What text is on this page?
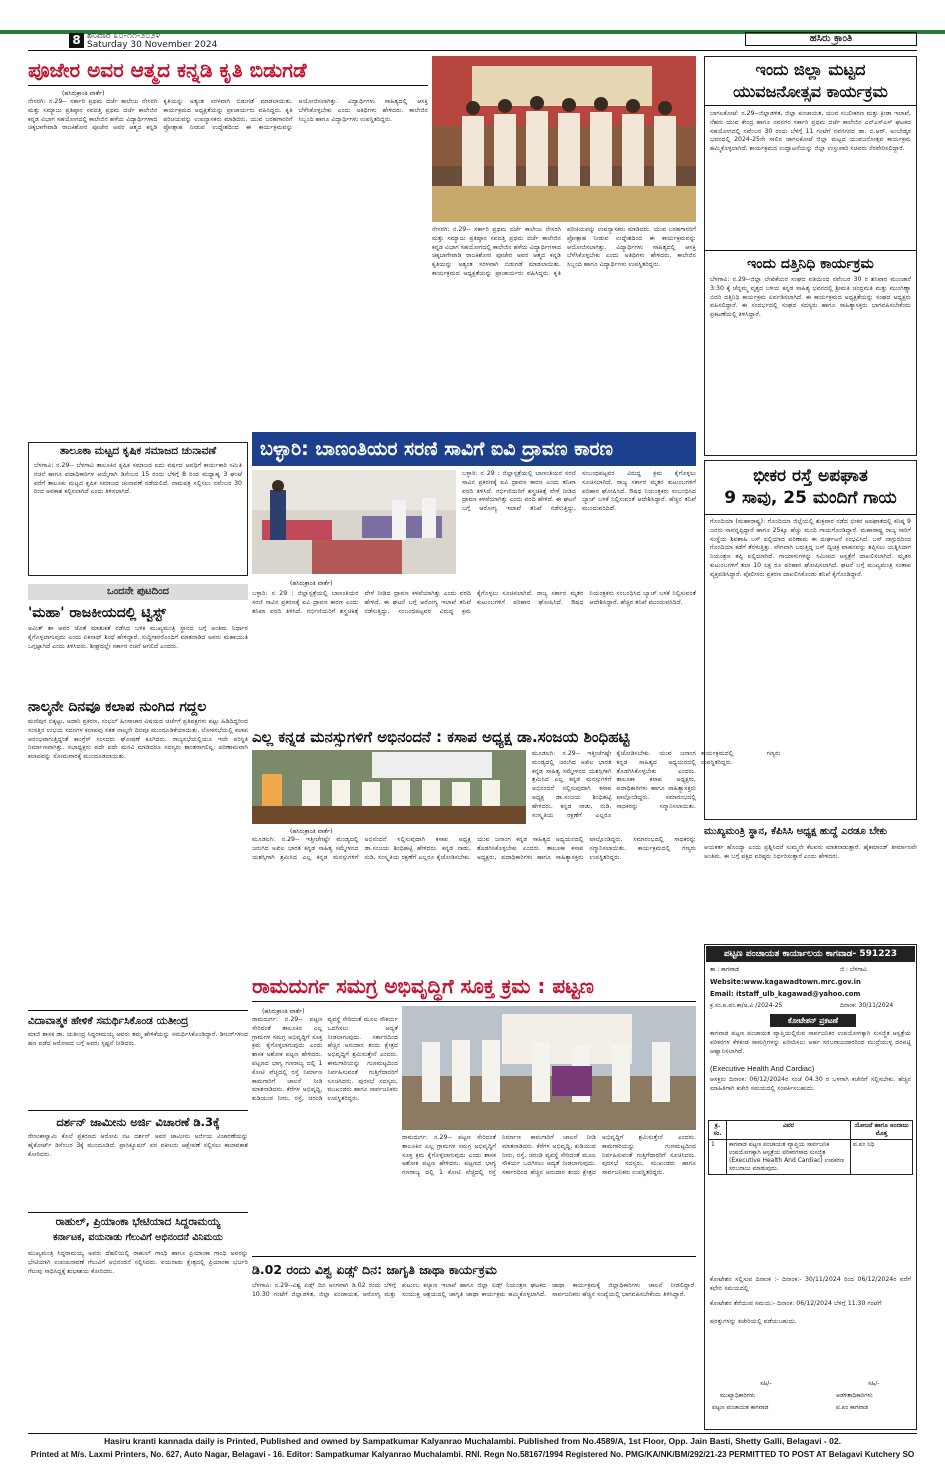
8 ಶನಿವಾರ ೩೦-೧೧-೨೦೨೪
Saturday 30 November 2024
ಹಸಿರು ಕ್ರಾಂತಿ
ಪೂಜೇರ ಅವರ ಆತ್ಮದ ಕನ್ನಡಿ ಕೃತಿ ಬಿಡುಗಡೆ
(ಹಸಿರುಕ್ರಾಂತಿ ವಾರ್ತೆ)
ನೇಸರಗಿ: ನ.29-- ಸರ್ಕಾರಿ ಪ್ರಥಮ ದರ್ಜೆ ಕಾಲೇಜು ನೇಸರಗಿ ಮತ್ತು ಸಮ್ಯಾಜು ಪ್ರತಿಷ್ಠಾನ ಸವದತ್ತಿ ಪ್ರಥಮ ದರ್ಜೆ ಕಾಲೇಜಿನ ಕನ್ನಡ ವಿಭಾಗ ಸಹಯೋಗದಲ್ಲಿ ಕಾಲೇಜಿನ ಹಳೆಯ ವಿದ್ಯಾರ್ಥಿಗಳಾದ ಚಿಕ್ಕಬಾಗೇವಾಡಿ ರಾಜಕಿಶೋರ ಪೂಜೇರ ಅವರ ಆತ್ಮದ ಕನ್ನಡಿ ಕೃತಿಯನ್ನು ಅತ್ಯಂತ ಸರಳವಾಗಿ ಬಿಡುಗಡೆ ಮಾಡಲಾಯಿತು. ಕಾರ್ಯಕ್ರಮದ ಅಧ್ಯಕ್ಷತೆಯನ್ನು ಪ್ರಾಚಾರ್ಯರು ವಹಿಸಿದ್ದರು. ಕೃತಿ ಪರಿಚಯವನ್ನು ಉಪನ್ಯಾಸಕರು ಮಾಡಿದರು. ಯುವ ಬರಹಗಾರರಿಗೆ ಪ್ರೋತ್ಸಾಹ ನೀಡುವ ಉದ್ದೇಶದಿಂದ ಈ ಕಾರ್ಯಕ್ರಮವನ್ನು ಆಯೋಜಿಸಲಾಗಿತ್ತು. ವಿದ್ಯಾರ್ಥಿಗಳು ಸಾಹಿತ್ಯದಲ್ಲಿ ಆಸಕ್ತಿ ಬೆಳೆಸಿಕೊಳ್ಳಬೇಕು ಎಂದು ಅತಿಥಿಗಳು ಹೇಳಿದರು. ಕಾಲೇಜಿನ ಸಿಬ್ಬಂದಿ ಹಾಗೂ ವಿದ್ಯಾರ್ಥಿಗಳು ಉಪಸ್ಥಿತರಿದ್ದರು.
ನೇಸರಗಿ: ನ.29-- ಸರ್ಕಾರಿ ಪ್ರಥಮ ದರ್ಜೆ ಕಾಲೇಜು ನೇಸರಗಿ ಮತ್ತು ಸಮ್ಯಾಜು ಪ್ರತಿಷ್ಠಾನ ಸವದತ್ತಿ ಪ್ರಥಮ ದರ್ಜೆ ಕಾಲೇಜಿನ ಕನ್ನಡ ವಿಭಾಗ ಸಹಯೋಗದಲ್ಲಿ ಕಾಲೇಜಿನ ಹಳೆಯ ವಿದ್ಯಾರ್ಥಿಗಳಾದ ಚಿಕ್ಕಬಾಗೇವಾಡಿ ರಾಜಕಿಶೋರ ಪೂಜೇರ ಅವರ ಆತ್ಮದ ಕನ್ನಡಿ ಕೃತಿಯನ್ನು ಅತ್ಯಂತ ಸರಳವಾಗಿ ಬಿಡುಗಡೆ ಮಾಡಲಾಯಿತು. ಕಾರ್ಯಕ್ರಮದ ಅಧ್ಯಕ್ಷತೆಯನ್ನು ಪ್ರಾಚಾರ್ಯರು ವಹಿಸಿದ್ದರು. ಕೃತಿ ಪರಿಚಯವನ್ನು ಉಪನ್ಯಾಸಕರು ಮಾಡಿದರು. ಯುವ ಬರಹಗಾರರಿಗೆ ಪ್ರೋತ್ಸಾಹ ನೀಡುವ ಉದ್ದೇಶದಿಂದ ಈ ಕಾರ್ಯಕ್ರಮವನ್ನು ಆಯೋಜಿಸಲಾಗಿತ್ತು. ವಿದ್ಯಾರ್ಥಿಗಳು ಸಾಹಿತ್ಯದಲ್ಲಿ ಆಸಕ್ತಿ ಬೆಳೆಸಿಕೊಳ್ಳಬೇಕು ಎಂದು ಅತಿಥಿಗಳು ಹೇಳಿದರು. ಕಾಲೇಜಿನ ಸಿಬ್ಬಂದಿ ಹಾಗೂ ವಿದ್ಯಾರ್ಥಿಗಳು ಉಪಸ್ಥಿತರಿದ್ದರು.
ಇಂದು ಜಿಲ್ಲಾ ಮಟ್ಟದ
ಯುವಜನೋತ್ಸವ ಕಾರ್ಯಕ್ರಮ
ಬಾಗಲಕೋಟೆ: ನ.29--ಜಿಲ್ಲಾಡಳಿತ, ಜಿಲ್ಲಾ ಪಂಚಾಯತ, ಯುವ ಸಬಲೀಕರಣ ಮತ್ತು ಕ್ರೀಡಾ ಇಲಾಖೆ, ನೆಹರು ಯುವ ಕೇಂದ್ರ ಹಾಗೂ ನವನಗರ ಸರ್ಕಾರಿ ಪ್ರಥಮ ದರ್ಜೆ ಕಾಲೇಜಿನ ಎನ್ಎಸ್ಎಸ್ ಘಟಕದ ಸಹಯೋಗದಲ್ಲಿ ನವೆಂಬರ 30 ರಂದು ಬೆಳಿಗ್ಗೆ 11 ಗಂಟೆಗೆ ನವನಗರದ ಡಾ. ಬಿ.ಆರ್. ಅಂಬೇಡ್ಕರ ಭವನದಲ್ಲಿ 2024-25ನೇ ಸಾಲಿನ ಜಾಗಲಕೋಟೆ ಜಿಲ್ಲಾ ಮಟ್ಟದ ಯುವಜನೋತ್ಸವ ಕಾರ್ಯಕ್ರಮ ಹಮ್ಮಿಕೊಳ್ಳಲಾಗಿದೆ. ಕಾರ್ಯಕ್ರಮದ ಉದ್ಘಾಟನೆಯನ್ನು ಜಿಲ್ಲಾ ಉಸ್ತುವಾರಿ ಸಚಿವರು ನೆರವೇರಿಸಲಿದ್ದಾರೆ.
ಇಂದು ದತ್ತಿನಿಧಿ ಕಾರ್ಯಕ್ರಮ
ಬೆಳಗಾವಿ: ನ.29--ಜಿಲ್ಲಾ ಲೇಖಿಕೆಯರ ಸಂಘದ ವತಿಯಿಂದ ನವೆಂಬರ 30 ರ ಶನಿವಾರ ಮುಂಜಾನೆ 3:30 ಕ್ಕೆ ಚೆನ್ನಮ್ಮ ವೃತ್ತದ ಬಳಿಯ ಕನ್ನಡ ಸಾಹಿತ್ಯ ಭವನದಲ್ಲಿ ಶ್ರೀಮತಿ ಚಂದ್ರಮತಿ ಮತ್ತು ಮುಂಗಿಣ್ಣಾ ಬಿದರಿ ದತ್ತಿನಿಧಿ ಕಾರ್ಯಕ್ರಮ ಏರ್ಪಡಿಸಲಾಗಿದೆ. ಈ ಕಾರ್ಯಕ್ರಮದ ಅಧ್ಯಕ್ಷತೆಯನ್ನು ಸಂಘದ ಅಧ್ಯಕ್ಷರು ವಹಿಸಲಿದ್ದಾರೆ. ಈ ಸಂದರ್ಭದಲ್ಲಿ ಸಂಘದ ಸದಸ್ಯರು ಹಾಗೂ ಸಾಹಿತ್ಯಾಸಕ್ತರು ಭಾಗವಹಿಸಬೇಕೆಂದು ಪ್ರಕಟಣೆಯಲ್ಲಿ ತಿಳಿಸಿದ್ದಾರೆ.
ತಾಲೂಕಾ ಮಟ್ಟದ ಕೃಷಿಕ ಸಮಾಜದ ಚುನಾವಣೆ
ಬೆಳಗಾವಿ: ನ.29-- ಬೆಳಗಾವಿ ತಾಲೂಕಿನ ಕೃಷಿಕ ಸಮಾಜದ ಐದು ವರ್ಷದ ಅವಧಿಗೆ ಕಾರ್ಯಕಾರಿ ಸಮಿತಿ ರಚನೆ ಹಾಗೂ ಪದಾಧಿಕಾರಿಗಳ ಆಯ್ಕೆಗಾಗಿ ಡಿಸೆಂಬರ 15 ರಂದು ಬೆಳಿಗ್ಗೆ 8 ರಿಂದ ಮಧ್ಯಾಹ್ನ 3 ಘಂಟೆ ವರೆಗೆ ತಾಲೂಕು ಮಟ್ಟದ ಕೃಷಿಕ ಸಮಾಜದ ಚುನಾವಣೆ ನಡೆಯಲಿದೆ. ನಾಮಪತ್ರ ಸಲ್ಲಿಸಲು ನವೆಂಬರ 30 ರಿಂದ ಅವಕಾಶ ಕಲ್ಪಿಸಲಾಗಿದೆ ಎಂದು ತಿಳಿಸಲಾಗಿದೆ.
ಬಳ್ಳಾರಿ: ಬಾಣಂತಿಯರ ಸರಣಿ ಸಾವಿಗೆ ಐವಿ ದ್ರಾವಣ ಕಾರಣ
ಬಳ್ಳಾರಿ: ನ 29 : ಜಿಲ್ಲಾಸ್ಪತ್ರೆಯಲ್ಲಿ ಬಾಣಂತಿಯರ ಸರಣಿ ಸಾವಿನ ಪ್ರಕರಣಕ್ಕೆ ಐವಿ ದ್ರಾವಣ ಕಾರಣ ಎಂದು ತನಿಖಾ ವರದಿ ತಿಳಿಸಿದೆ. ಗರ್ಭಿಣಿಯರಿಗೆ ಶಸ್ತ್ರಚಿಕಿತ್ಸೆ ವೇಳೆ ನೀಡಿದ ದ್ರಾವಣ ಕಳಪೆಯಾಗಿತ್ತು ಎಂದು ವರದಿ ಹೇಳಿದೆ. ಈ ಘಟನೆ ಬಗ್ಗೆ ಆರೋಗ್ಯ ಇಲಾಖೆ ತನಿಖೆ ನಡೆಸುತ್ತಿದ್ದು, ಸಂಬಂಧಪಟ್ಟವರ ವಿರುದ್ಧ ಕ್ರಮ ಕೈಗೊಳ್ಳಲು ಸೂಚಿಸಲಾಗಿದೆ. ರಾಜ್ಯ ಸರ್ಕಾರ ಮೃತರ ಕುಟುಂಬಗಳಿಗೆ ಪರಿಹಾರ ಘೋಷಿಸಿದೆ. ಔಷಧ ನಿಯಂತ್ರಕರು ಸಂಬಂಧಿಸಿದ ಬ್ಯಾಚ್ ಬಳಕೆ ನಿಲ್ಲಿಸುವಂತೆ ಆದೇಶಿಸಿದ್ದಾರೆ. ಹೆಚ್ಚಿನ ತನಿಖೆ ಮುಂದುವರಿದಿದೆ.
(ಹಸಿರುಕ್ರಾಂತಿ ವಾರ್ತೆ)
ಬಳ್ಳಾರಿ: ನ 29 : ಜಿಲ್ಲಾಸ್ಪತ್ರೆಯಲ್ಲಿ ಬಾಣಂತಿಯರ ಸರಣಿ ಸಾವಿನ ಪ್ರಕರಣಕ್ಕೆ ಐವಿ ದ್ರಾವಣ ಕಾರಣ ಎಂದು ತನಿಖಾ ವರದಿ ತಿಳಿಸಿದೆ. ಗರ್ಭಿಣಿಯರಿಗೆ ಶಸ್ತ್ರಚಿಕಿತ್ಸೆ ವೇಳೆ ನೀಡಿದ ದ್ರಾವಣ ಕಳಪೆಯಾಗಿತ್ತು ಎಂದು ವರದಿ ಹೇಳಿದೆ. ಈ ಘಟನೆ ಬಗ್ಗೆ ಆರೋಗ್ಯ ಇಲಾಖೆ ತನಿಖೆ ನಡೆಸುತ್ತಿದ್ದು, ಸಂಬಂಧಪಟ್ಟವರ ವಿರುದ್ಧ ಕ್ರಮ ಕೈಗೊಳ್ಳಲು ಸೂಚಿಸಲಾಗಿದೆ. ರಾಜ್ಯ ಸರ್ಕಾರ ಮೃತರ ಕುಟುಂಬಗಳಿಗೆ ಪರಿಹಾರ ಘೋಷಿಸಿದೆ. ಔಷಧ ನಿಯಂತ್ರಕರು ಸಂಬಂಧಿಸಿದ ಬ್ಯಾಚ್ ಬಳಕೆ ನಿಲ್ಲಿಸುವಂತೆ ಆದೇಶಿಸಿದ್ದಾರೆ. ಹೆಚ್ಚಿನ ತನಿಖೆ ಮುಂದುವರಿದಿದೆ.
ಒಂದನೇ ಪುಟದಿಂದ
'ಮಹಾ' ರಾಜಕೀಯದಲ್ಲಿ ಟ್ವಿಸ್ಟ್
ಅಮಿತ್ ಶಾ ಅವರ ಜೊತೆ ಮಾತುಕತೆ ನಡೆಸಿದ ಬಳಿಕ ಮುಖ್ಯಮಂತ್ರಿ ಸ್ಥಾನದ ಬಗ್ಗೆ ಅಂತಿಮ ನಿರ್ಧಾರ ಕೈಗೊಳ್ಳಲಾಗುವುದು ಎಂದು ಏಕನಾಥ್ ಶಿಂಧೆ ಹೇಳಿದ್ದಾರೆ. ಸುದ್ದಿಗಾರರೊಂದಿಗೆ ಮಾತನಾಡಿದ ಅವರು ಮಹಾಯುತಿ ಒಗ್ಗಟ್ಟಾಗಿದೆ ಎಂದು ತಿಳಿಸಿದರು. ಶೀಘ್ರದಲ್ಲೇ ಸರ್ಕಾರ ರಚನೆ ಆಗಲಿದೆ ಎಂದರು.
ನಾಲ್ಕನೇ ದಿನವೂ ಕಲಾಪ ನುಂಗಿದ ಗದ್ದಲ
ಮಣಿಪುರ ಬಿಕ್ಕಟ್ಟು, ಅದಾನಿ ಪ್ರಕರಣ, ಸಂಭಲ್ ಹಿಂಸಾಚಾರ ವಿಷಯದ ಚರ್ಚೆಗೆ ಪ್ರತಿಪಕ್ಷಗಳು ಪಟ್ಟು ಹಿಡಿದಿದ್ದರಿಂದ ಸಂಸತ್ತಿನ ಉಭಯ ಸದನಗಳ ಕಲಾಪವು ಸತತ ನಾಲ್ಕನೇ ದಿನವೂ ಮುಂದೂಡಿಕೆಯಾಯಿತು. ಲೋಕಸಭೆಯಲ್ಲಿ ಕಲಾಪ ಆರಂಭವಾಗುತ್ತಿದ್ದಂತೆ ಕಾಂಗ್ರೆಸ್ ಸಂಸದರು ಘೋಷಣೆ ಕೂಗಿದರು. ರಾಜ್ಯಸಭೆಯಲ್ಲಿಯೂ ಇದೇ ಪರಿಸ್ಥಿತಿ ನಿರ್ಮಾಣವಾಗಿತ್ತು. ಸಭಾಧ್ಯಕ್ಷರು ಪದೇ ಪದೇ ಮನವಿ ಮಾಡಿದರೂ ಸದಸ್ಯರು ಶಾಂತರಾಗಲಿಲ್ಲ. ಪರಿಣಾಮವಾಗಿ ಕಲಾಪವನ್ನು ಸೋಮವಾರಕ್ಕೆ ಮುಂದೂಡಲಾಯಿತು.
ವಿದಾವಾತ್ಮಕ ಹೇಳಿಕೆ ಸಮರ್ಥಿಸಿಕೊಂಡ ಯತೀಂದ್ರ
ಮಾಜಿ ಶಾಸಕ ಡಾ. ಯತೀಂದ್ರ ಸಿದ್ದರಾಮಯ್ಯ ಅವರು ತಮ್ಮ ಹೇಳಿಕೆಯನ್ನು ಸಮರ್ಥಿಸಿಕೊಂಡಿದ್ದಾರೆ. ಡೀಲರ್‌ಗಳಿಂದ ಹಣ ಪಡೆದ ಆರೋಪದ ಬಗ್ಗೆ ಅವರು ಸ್ಪಷ್ಟನೆ ನೀಡಿದರು.
ದರ್ಶನ್ ಜಾಮೀನು ಅರ್ಜಿ ವಿಚಾರಣೆ ಡಿ.3ಕ್ಕೆ
ರೇಣುಕಾಸ್ವಾಮಿ ಕೊಲೆ ಪ್ರಕರಣದ ಆರೋಪಿ ನಟ ದರ್ಶನ್ ಅವರ ಜಾಮೀನು ಅರ್ಜಿಯ ವಿಚಾರಣೆಯನ್ನು ಹೈಕೋರ್ಟ್ ಡಿಸೆಂಬರ 3ಕ್ಕೆ ಮುಂದೂಡಿದೆ. ಪ್ರಾಸಿಕ್ಯೂಷನ್ ಪರ ವಕೀಲರು ಆಕ್ಷೇಪಣೆ ಸಲ್ಲಿಸಲು ಕಾಲಾವಕಾಶ ಕೋರಿದರು.
ರಾಹುಲ್, ಪ್ರಿಯಾಂಕಾ ಭೇಟಿಯಾದ ಸಿದ್ದರಾಮಯ್ಯ
ಕರ್ನಾಟಕ, ವಯನಾಡು ಗೆಲುವಿಗೆ ಅಭಿನಂದನೆ ವಿನಿಮಯ
ಮುಖ್ಯಮಂತ್ರಿ ಸಿದ್ದರಾಮಯ್ಯ ಅವರು ದೆಹಲಿಯಲ್ಲಿ ರಾಹುಲ್ ಗಾಂಧಿ ಹಾಗೂ ಪ್ರಿಯಾಂಕಾ ಗಾಂಧಿ ಅವರನ್ನು ಭೇಟಿಯಾಗಿ ಉಪಚುನಾವಣೆ ಗೆಲುವಿಗೆ ಅಭಿನಂದನೆ ಸಲ್ಲಿಸಿದರು. ವಯನಾಡು ಕ್ಷೇತ್ರದಲ್ಲಿ ಪ್ರಿಯಾಂಕಾ ಭರ್ಜರಿ ಗೆಲುವು ಸಾಧಿಸಿದ್ದಕ್ಕೆ ಶುಭಾಶಯ ಕೋರಿದರು.
ಎಲ್ಲ ಕನ್ನಡ ಮನಸ್ಸುಗಳಿಗೆ ಅಭಿನಂದನೆ : ಕಸಾಪ ಅಧ್ಯಕ್ಷ ಡಾ.ಸಂಜಯ ಶಿಂಧಿಹಟ್ಟಿ
ಮೂಡಲಗಿ: ನ.29-- ಇತ್ತೀಚೆಗಷ್ಟೇ ಮಂಡ್ಯದಲ್ಲಿ ಜರುಗಿದ ಅಖಿಲ ಭಾರತ ಕನ್ನಡ ಸಾಹಿತ್ಯ ಸಮ್ಮೇಳನದ ಯಶಸ್ಸಿಗಾಗಿ ಶ್ರಮಿಸಿದ ಎಲ್ಲ ಕನ್ನಡ ಮನಸ್ಸುಗಳಿಗೆ ಅಭಿನಂದನೆ ಸಲ್ಲಿಸುವುದಾಗಿ ಕಸಾಪ ಅಧ್ಯಕ್ಷ ಡಾ.ಸಂಜಯ ಶಿಂಧಿಹಟ್ಟಿ ಹೇಳಿದರು. ಕನ್ನಡ ನಾಡು, ನುಡಿ, ಸಂಸ್ಕೃತಿಯ ರಕ್ಷಣೆಗೆ ಎಲ್ಲರೂ ಕೈಜೋಡಿಸಬೇಕು. ಯುವ ಜನಾಂಗ ಕನ್ನಡ ಸಾಹಿತ್ಯದ ಅಧ್ಯಯನದಲ್ಲಿ ತೊಡಗಿಸಿಕೊಳ್ಳಬೇಕು ಎಂದರು. ತಾಲೂಕಾ ಕಸಾಪ ಅಧ್ಯಕ್ಷರು, ಪದಾಧಿಕಾರಿಗಳು ಹಾಗೂ ಸಾಹಿತ್ಯಾಸಕ್ತರು ಪಾಲ್ಗೊಂಡಿದ್ದರು. ಸಮಾರಂಭದಲ್ಲಿ ಸಾಧಕರನ್ನು ಸನ್ಮಾನಿಸಲಾಯಿತು. ಕಾರ್ಯಕ್ರಮದಲ್ಲಿ ಗಣ್ಯರು ಉಪಸ್ಥಿತರಿದ್ದರು.
(ಹಸಿರುಕ್ರಾಂತಿ ವಾರ್ತೆ)
ಮೂಡಲಗಿ: ನ.29-- ಇತ್ತೀಚೆಗಷ್ಟೇ ಮಂಡ್ಯದಲ್ಲಿ ಜರುಗಿದ ಅಖಿಲ ಭಾರತ ಕನ್ನಡ ಸಾಹಿತ್ಯ ಸಮ್ಮೇಳನದ ಯಶಸ್ಸಿಗಾಗಿ ಶ್ರಮಿಸಿದ ಎಲ್ಲ ಕನ್ನಡ ಮನಸ್ಸುಗಳಿಗೆ ಅಭಿನಂದನೆ ಸಲ್ಲಿಸುವುದಾಗಿ ಕಸಾಪ ಅಧ್ಯಕ್ಷ ಡಾ.ಸಂಜಯ ಶಿಂಧಿಹಟ್ಟಿ ಹೇಳಿದರು. ಕನ್ನಡ ನಾಡು, ನುಡಿ, ಸಂಸ್ಕೃತಿಯ ರಕ್ಷಣೆಗೆ ಎಲ್ಲರೂ ಕೈಜೋಡಿಸಬೇಕು. ಯುವ ಜನಾಂಗ ಕನ್ನಡ ಸಾಹಿತ್ಯದ ಅಧ್ಯಯನದಲ್ಲಿ ತೊಡಗಿಸಿಕೊಳ್ಳಬೇಕು ಎಂದರು. ತಾಲೂಕಾ ಕಸಾಪ ಅಧ್ಯಕ್ಷರು, ಪದಾಧಿಕಾರಿಗಳು ಹಾಗೂ ಸಾಹಿತ್ಯಾಸಕ್ತರು ಪಾಲ್ಗೊಂಡಿದ್ದರು. ಸಮಾರಂಭದಲ್ಲಿ ಸಾಧಕರನ್ನು ಸನ್ಮಾನಿಸಲಾಯಿತು. ಕಾರ್ಯಕ್ರಮದಲ್ಲಿ ಗಣ್ಯರು ಉಪಸ್ಥಿತರಿದ್ದರು.
ರಾಮದುರ್ಗ ಸಮಗ್ರ ಅಭಿವೃದ್ಧಿಗೆ ಸೂಕ್ತ ಕ್ರಮ : ಪಟ್ಟಣ
(ಹಸಿರುಕ್ರಾಂತಿ ವಾರ್ತೆ)
ರಾಮದುರ್ಗ: ನ.29-- ಪಟ್ಟಣ ಸೇರಿದಂತೆ ತಾಲೂಕಿನ ಎಲ್ಲ ಗ್ರಾಮಗಳ ಸಮಗ್ರ ಅಭಿವೃದ್ಧಿಗೆ ಸೂಕ್ತ ಕ್ರಮ ಕೈಗೊಳ್ಳಲಾಗುವುದು ಎಂದು ಶಾಸಕ ಅಶೋಕ ಪಟ್ಟಣ ಹೇಳಿದರು. ಪಟ್ಟಣದ ಭಾಗ್ಯ ಗಣರಾಜ್ಯ ದಲ್ಲಿ 1 ಕೋಟಿ ವೆಚ್ಚದಲ್ಲಿ ರಸ್ತೆ ನಿರ್ಮಾಣ ಕಾಮಗಾರಿಗೆ ಚಾಲನೆ ನೀಡಿ ಮಾತನಾಡಿದರು. ಕೆರೆಗಳ ಅಭಿವೃದ್ಧಿ, ಕುಡಿಯುವ ನೀರು, ರಸ್ತೆ, ಚರಂಡಿ ವ್ಯವಸ್ಥೆ ಸೇರಿದಂತೆ ಮೂಲ ಸೌಕರ್ಯ ಒದಗಿಸಲು ಆದ್ಯತೆ ನೀಡಲಾಗುವುದು. ಸರ್ಕಾರದಿಂದ ಹೆಚ್ಚಿನ ಅನುದಾನ ತಂದು ಕ್ಷೇತ್ರದ ಅಭಿವೃದ್ಧಿಗೆ ಶ್ರಮಿಸುತ್ತೇನೆ ಎಂದರು. ಕಾಮಗಾರಿಯನ್ನು ಗುಣಮಟ್ಟದಿಂದ ನಿರ್ವಹಿಸುವಂತೆ ಗುತ್ತಿಗೆದಾರರಿಗೆ ಸೂಚಿಸಿದರು. ಪುರಸಭೆ ಸದಸ್ಯರು, ಮುಖಂಡರು ಹಾಗೂ ಸಾರ್ವಜನಿಕರು ಉಪಸ್ಥಿತರಿದ್ದರು.
ರಾಮದುರ್ಗ: ನ.29-- ಪಟ್ಟಣ ಸೇರಿದಂತೆ ತಾಲೂಕಿನ ಎಲ್ಲ ಗ್ರಾಮಗಳ ಸಮಗ್ರ ಅಭಿವೃದ್ಧಿಗೆ ಸೂಕ್ತ ಕ್ರಮ ಕೈಗೊಳ್ಳಲಾಗುವುದು ಎಂದು ಶಾಸಕ ಅಶೋಕ ಪಟ್ಟಣ ಹೇಳಿದರು. ಪಟ್ಟಣದ ಭಾಗ್ಯ ಗಣರಾಜ್ಯ ದಲ್ಲಿ 1 ಕೋಟಿ ವೆಚ್ಚದಲ್ಲಿ ರಸ್ತೆ ನಿರ್ಮಾಣ ಕಾಮಗಾರಿಗೆ ಚಾಲನೆ ನೀಡಿ ಮಾತನಾಡಿದರು. ಕೆರೆಗಳ ಅಭಿವೃದ್ಧಿ, ಕುಡಿಯುವ ನೀರು, ರಸ್ತೆ, ಚರಂಡಿ ವ್ಯವಸ್ಥೆ ಸೇರಿದಂತೆ ಮೂಲ ಸೌಕರ್ಯ ಒದಗಿಸಲು ಆದ್ಯತೆ ನೀಡಲಾಗುವುದು. ಸರ್ಕಾರದಿಂದ ಹೆಚ್ಚಿನ ಅನುದಾನ ತಂದು ಕ್ಷೇತ್ರದ ಅಭಿವೃದ್ಧಿಗೆ ಶ್ರಮಿಸುತ್ತೇನೆ ಎಂದರು. ಕಾಮಗಾರಿಯನ್ನು ಗುಣಮಟ್ಟದಿಂದ ನಿರ್ವಹಿಸುವಂತೆ ಗುತ್ತಿಗೆದಾರರಿಗೆ ಸೂಚಿಸಿದರು. ಪುರಸಭೆ ಸದಸ್ಯರು, ಮುಖಂಡರು ಹಾಗೂ ಸಾರ್ವಜನಿಕರು ಉಪಸ್ಥಿತರಿದ್ದರು.
ಡಿ.02 ರಂದು ವಿಶ್ವ ಏಡ್ಸ್ ದಿನ: ಜಾಗೃತಿ ಜಾಥಾ ಕಾರ್ಯಕ್ರಮ
ಬೆಳಗಾವಿ: ನ.29--ವಿಶ್ವ ಏಡ್ಸ್ ದಿನ ಅಂಗವಾಗಿ ಡಿ.02 ರಂದು ಬೆಳಿಗ್ಗೆ 10.30 ಗಂಟೆಗೆ ಜಿಲ್ಲಾಡಳಿತ, ಜಿಲ್ಲಾ ಪಂಚಾಯತ, ಆರೋಗ್ಯ ಮತ್ತು ಕುಟುಂಬ ಕಲ್ಯಾಣ ಇಲಾಖೆ ಹಾಗೂ ಜಿಲ್ಲಾ ಏಡ್ಸ್ ನಿಯಂತ್ರಣ ಘಟಕದ ಸಂಯುಕ್ತ ಆಶ್ರಯದಲ್ಲಿ ಜಾಗೃತಿ ಜಾಥಾ ಕಾರ್ಯಕ್ರಮ ಹಮ್ಮಿಕೊಳ್ಳಲಾಗಿದೆ. ಜಾಥಾ ಕಾರ್ಯಕ್ರಮಕ್ಕೆ ಜಿಲ್ಲಾಧಿಕಾರಿಗಳು ಚಾಲನೆ ನೀಡಲಿದ್ದಾರೆ. ಸಾರ್ವಜನಿಕರು ಹೆಚ್ಚಿನ ಸಂಖ್ಯೆಯಲ್ಲಿ ಭಾಗವಹಿಸಬೇಕೆಂದು ತಿಳಿಸಿದ್ದಾರೆ.
ಭೀಕರ ರಸ್ತೆ ಅಪಘಾತ
9 ಸಾವು, 25 ಮಂದಿಗೆ ಗಾಯ
ಗೊಂದಿಯಾ (ಮಹಾರಾಷ್ಟ್ರ): ಗೊಂದಿಯಾ ಜಿಲ್ಲೆಯಲ್ಲಿ ಶುಕ್ರವಾರ ನಡೆದ ಭೀಕರ ಅಪಘಾತದಲ್ಲಿ ಕನಿಷ್ಠ 9 ಜನರು ಸಾವನ್ನಪ್ಪಿದ್ದಾರೆ ಹಾಗೂ 25ಕ್ಕೂ ಹೆಚ್ಚು ಮಂದಿ ಗಾಯಗೊಂಡಿದ್ದಾರೆ. ಮಹಾರಾಷ್ಟ್ರ ರಾಜ್ಯ ಸಾರಿಗೆ ಸಂಸ್ಥೆಯ ಶಿವಶಾಹಿ ಬಸ್ ಪಲ್ಟಿಯಾದ ಪರಿಣಾಮ ಈ ದುರ್ಘಟನೆ ಸಂಭವಿಸಿದೆ. ಬಸ್ ನಾಗ್ಪುರದಿಂದ ಗೊಂದಿಯಾ ಕಡೆಗೆ ತೆರಳುತ್ತಿತ್ತು. ವೇಗವಾಗಿ ಬರುತ್ತಿದ್ದ ಬಸ್ ದ್ವಿಚಕ್ರ ವಾಹನವನ್ನು ತಪ್ಪಿಸಲು ಯತ್ನಿಸಿದಾಗ ನಿಯಂತ್ರಣ ತಪ್ಪಿ ಪಲ್ಟಿಯಾಗಿದೆ. ಗಾಯಾಳುಗಳನ್ನು ಸಮೀಪದ ಆಸ್ಪತ್ರೆಗೆ ದಾಖಲಿಸಲಾಗಿದೆ. ಮೃತರ ಕುಟುಂಬಗಳಿಗೆ ತಲಾ 10 ಲಕ್ಷ ರೂ ಪರಿಹಾರ ಘೋಷಿಸಲಾಗಿದೆ. ಘಟನೆ ಬಗ್ಗೆ ಮುಖ್ಯಮಂತ್ರಿ ಸಂತಾಪ ವ್ಯಕ್ತಪಡಿಸಿದ್ದಾರೆ. ಪೊಲೀಸರು ಪ್ರಕರಣ ದಾಖಲಿಸಿಕೊಂಡು ತನಿಖೆ ಕೈಗೊಂಡಿದ್ದಾರೆ.
ಮುಖ್ಯಮಂತ್ರಿ ಸ್ಥಾನ, ಕೆಪಿಸಿಸಿ ಅಧ್ಯಕ್ಷ ಹುದ್ದೆ ಎರಡೂ ಬೇಕು
ಆಯಕರ್ತ ಹೊಂದ್ಯಾ ಎಂದು ಪ್ರಶ್ನಿಸಿದರೆ ಸುಮ್ಮನೇ ಕೆಲವರು ಮಾತನಾಡುತ್ತಾರೆ. ಹೈಕಮಾಂಡ್ ತೀರ್ಮಾನವೇ ಅಂತಿಮ. ಈ ಬಗ್ಗೆ ಪಕ್ಷದ ವರಿಷ್ಠರು ನಿರ್ಧರಿಸುತ್ತಾರೆ ಎಂದು ಹೇಳಿದರು.
ಪಟ್ಟಣ ಪಂಚಾಯತ ಕಾರ್ಯಾಲಯ ಕಾಗವಾಡ- 591223
ತಾ : ಕಾಗವಾಡ	ಜಿ : ಬೆಳಗಾವಿ
Website:www.kagawadtown.mrc.gov.in
Email: itstaff_ulb_kagawad@yahoo.com
ಕ್ರ.ಸಂ.ಪ.ಪಂ.ಕಾ/ಅ.ವಿ /2024-25	ದಿನಾಂಕ: 30/11/2024
ಕೋಟೇಶನ್ ಪ್ರಕಟಣೆ
ಕಾಗವಾಡ ಪಟ್ಟಣ ಪಂಚಾಯತ ವ್ಯಾಪ್ತಿಯಲ್ಲಿರುವ ಸಾರ್ವಜನಿಕರ ಉಪಯೋಗಕ್ಕಾಗಿ ಸುಸಜ್ಜಿತ ಆಸ್ಪತ್ರೆಯ ಪರಿಕರಗಳ ಕೆಳಕಂಡ ಸಾಮಗ್ರಿಗಳನ್ನು ಖರೀದಿಸಲು ಅರ್ಹ ಸರಬರಾಜುದಾರರಿಂದ ಮುದ್ರೆಯುಳ್ಳ ದರಪಟ್ಟಿ ಆಹ್ವಾನಿಸಲಾಗಿದೆ.
(Executive Health And Cardiac)
ಆಸಕ್ತರು ದಿನಾಂಕ: 06/12/2024ರ ಸಂಜೆ 04.30 ರ ಒಳಗಾಗಿ ಕಚೇರಿಗೆ ಸಲ್ಲಿಸಬೇಕು. ಹೆಚ್ಚಿನ ಮಾಹಿತಿಗಾಗಿ ಕಚೇರಿ ಸಮಯದಲ್ಲಿ ಸಂಪರ್ಕಿಸಬಹುದು.
ಕ್ರ. ಸಂ.	ವಿವರ	ಯೋಜನೆ ಹಾಗೂ ಅಂದಾಜು ಮೊತ್ತ
1	ಕಾಗವಾಡ ಪಟ್ಟಣ ಪಂಚಾಯತ ವ್ಯಾಪ್ತಿಯ ಸಾರ್ವಜನಿಕ ಉಪಯೋಗಕ್ಕಾಗಿ ಆಸ್ಪತ್ರೆಯ ಪರಿಕರಗಳಾದ ಸುಸಜ್ಜಿತ (Executive Health And Cardiac) ಉಪಕರಣ ಸರಬರಾಜು ಮಾಡುವುದು.	ಪ.ಪಂ ನಿಧಿ
ಕೋಟೇಶನ ಸಲ್ಲಿಸುವ ದಿನಾಂಕ :- ದಿನಾಂಕ:- 30/11/2024 ರಿಂದ 06/12/2024ರ ವರೆಗೆ ಕಛೇರಿ ಸಮಯದಲ್ಲಿ
ಕೋಟೇಶನ ತೆರೆಯುವ ಸಮಯ:- ದಿನಾಂಕ: 06/12/2024 ಬೆಳಿಗ್ಗೆ 11.30 ಗಂಟೆಗೆ
ಷರತ್ತುಗಳನ್ನು ಕಚೇರಿಯಲ್ಲಿ ಪಡೆಯಬಹುದು.
ಸಹಿ/-
ಮುಖ್ಯಾಧಿಕಾರಿಗಳು
ಪಟ್ಟಣ ಪಂಚಾಯತ ಕಾಗವಾಡ
ಸಹಿ/-
ಆಡಳಿತಾಧಿಕಾರಿಗಳು
ಪ.ಪಂ ಕಾಗವಾಡ
Hasiru kranti kannada daily is Printed, Published and owned by Sampatkumar Kalyanrao Muchalambi. Published from No.4589/A, 1st Floor, Opp. Jain Basti, Shetty Galli, Belagavi - 02.
Printed at M/s. Laxmi Printers, No. 627, Auto Nagar, Belagavi - 16. Editor: Sampatkumar Kalyanrao Muchalambi. RNI. Regn No.58167/1994 Registered No. PMG/KA/NK/BM/292/21-23 PERMITTED TO POST AT Belagavi Kutchery SO
